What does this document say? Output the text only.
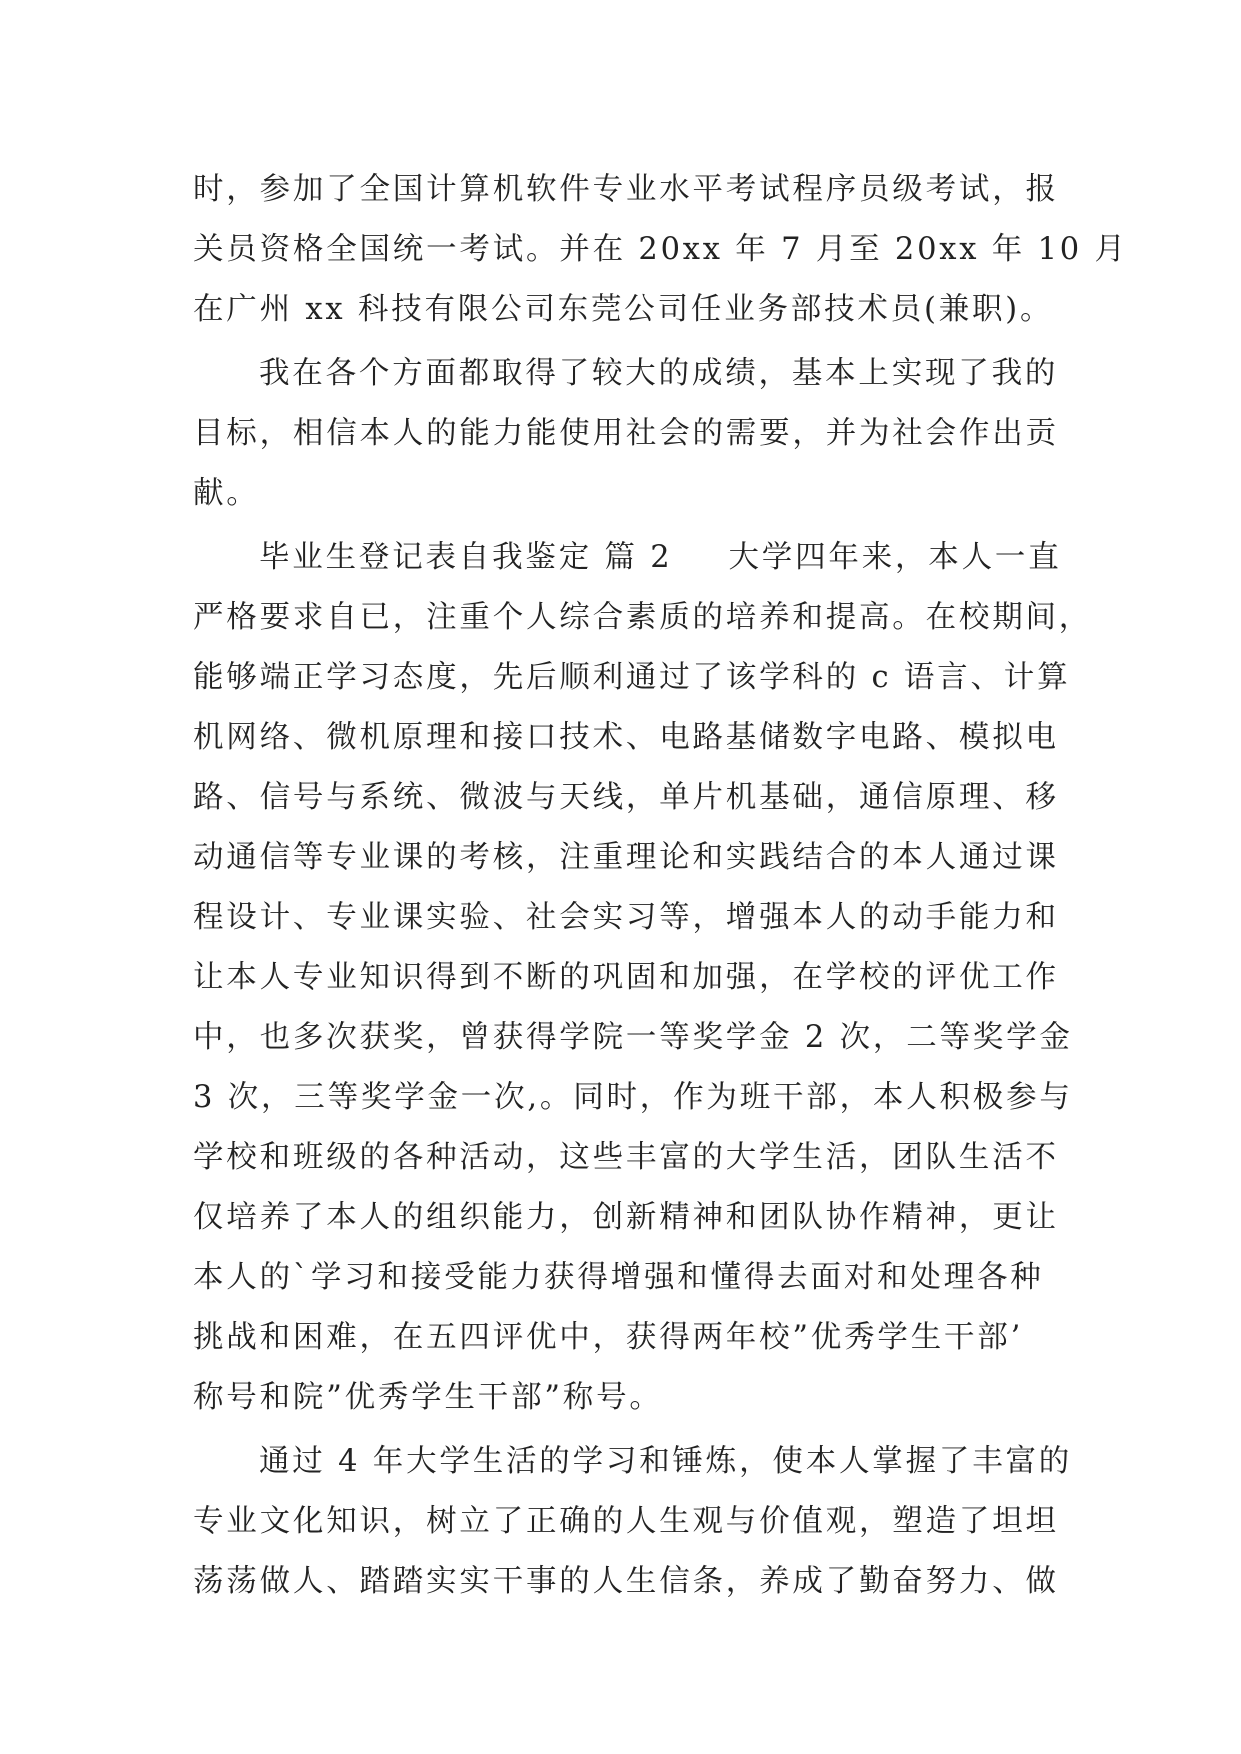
时，参加了全国计算机软件专业水平考试程序员级考试，报
关员资格全国统一考试。并在 20xx 年 7 月至 20xx 年 10 月
在广州 xx 科技有限公司东莞公司任业务部技术员(兼职)。
我在各个方面都取得了较大的成绩，基本上实现了我的
目标，相信本人的能力能使用社会的需要，并为社会作出贡
献。
毕业生登记表自我鉴定 篇 2 大学四年来，本人一直
严格要求自已，注重个人综合素质的培养和提高。在校期间，
能够端正学习态度，先后顺利通过了该学科的 c 语言、计算
机网络、微机原理和接口技术、电路基储数字电路、模拟电
路、信号与系统、微波与天线，单片机基础，通信原理、移
动通信等专业课的考核，注重理论和实践结合的本人通过课
程设计、专业课实验、社会实习等，增强本人的动手能力和
让本人专业知识得到不断的巩固和加强，在学校的评优工作
中，也多次获奖，曾获得学院一等奖学金 2 次，二等奖学金
3 次，三等奖学金一次,。同时，作为班干部，本人积极参与
学校和班级的各种活动，这些丰富的大学生活，团队生活不
仅培养了本人的组织能力，创新精神和团队协作精神，更让
本人的`学习和接受能力获得增强和懂得去面对和处理各种
挑战和困难，在五四评优中，获得两年校”优秀学生干部’
称号和院”优秀学生干部”称号。
通过 4 年大学生活的学习和锤炼，使本人掌握了丰富的
专业文化知识，树立了正确的人生观与价值观，塑造了坦坦
荡荡做人、踏踏实实干事的人生信条，养成了勤奋努力、做
